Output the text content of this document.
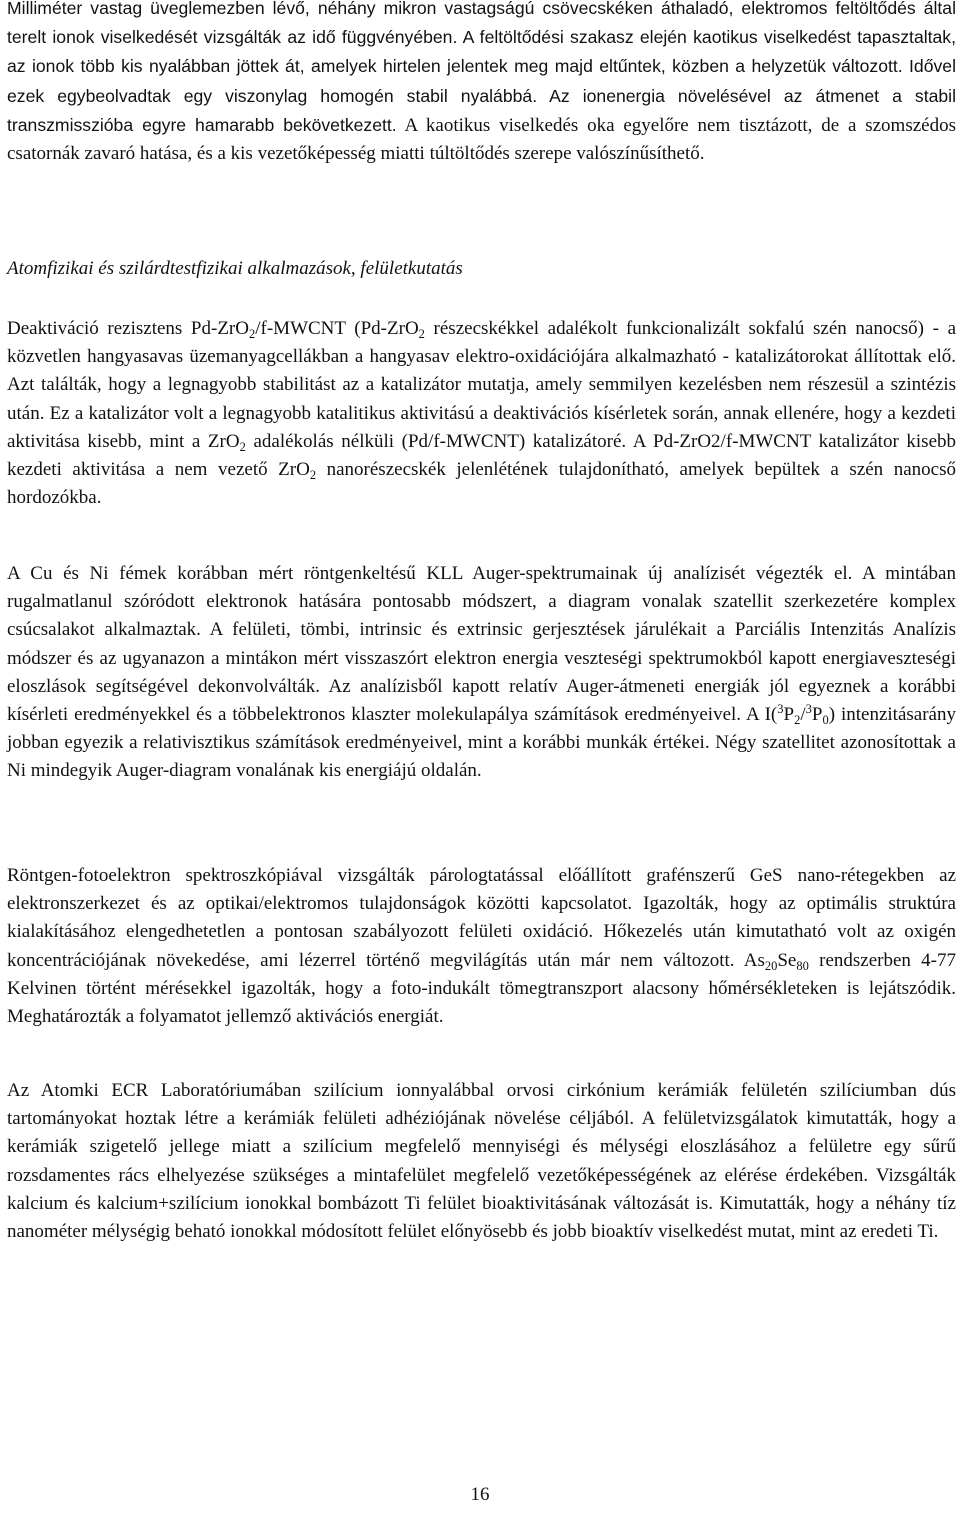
Milliméter vastag üveglemezben lévő, néhány mikron vastagságú csövecskéken áthaladó, elektromos feltöltődés által terelt ionok viselkedését vizsgálták az idő függvényében. A feltöltődési szakasz elején kaotikus viselkedést tapasztaltak, az ionok több kis nyalábban jöttek át, amelyek hirtelen jelentek meg majd eltűntek, közben a helyzetük változott. Idővel ezek egybeolvadtak egy viszonylag homogén stabil nyalábbá. Az ionenergia növelésével az átmenet a stabil transzmisszióba egyre hamarabb bekövetkezett. A kaotikus viselkedés oka egyelőre nem tisztázott, de a szomszédos csatornák zavaró hatása, és a kis vezetőképesség miatti túltöltődés szerepe valószínűsíthető.

Atomfizikai és szilárdtestfizikai alkalmazások, felületkutatás

Deaktiváció rezisztens Pd-ZrO$_2$/f-MWCNT (Pd-ZrO$_2$ részecskékkel adalékolt funkcionalizált sokfalú szén nanocső) - a közvetlen hangyasavas üzemanyagcellákban a hangyasav elektro-oxidációjára alkalmazható - katalizátorokat állítottak elő. Azt találták, hogy a legnagyobb stabilitást az a katalizátor mutatja, amely semmilyen kezelésben nem részesül a szintézis után. Ez a katalizátor volt a legnagyobb katalitikus aktivitású a deaktivációs kísérletek során, annak ellenére, hogy a kezdeti aktivitása kisebb, mint a ZrO$_2$ adalékolás nélküli (Pd/f-MWCNT) katalizátoré. A Pd-ZrO2/f-MWCNT katalizátor kisebb kezdeti aktivitása a nem vezető ZrO$_2$ nanorészecskék jelenlétének tulajdonítható, amelyek bepültek a szén nanocső hordozókba.

A Cu és Ni fémek korábban mért röntgenkeltésű KLL Auger-spektrumainak új analízisét végezték el. A mintában rugalmatlanul szóródott elektronok hatására pontosabb módszert, a diagram vonalak szatellit szerkezetére komplex csúcsalakot alkalmaztak. A felületi, tömbi, intrinsic és extrinsic gerjesztések járulékait a Parciális Intenzitás Analízis módszer és az ugyanazon a mintákon mért visszaszórt elektron energia veszteségi spektrumokból kapott energiaveszteségi eloszlások segítségével dekonvolválták. Az analízisből kapott relatív Auger-átmeneti energiák jól egyeznek a korábbi kísérleti eredményekkel és a többelektronos klaszter molekulapálya számítások eredményeivel. A $I(^3P_2/^3P_0)$ intenzitásarány jobban egyezik a relativisztikus számítások eredményeivel, mint a korábbi munkák értékei. Négy szatellitet azonosítottak a Ni mindegyik Auger-diagram vonalának kis energiájú oldalán.

Röntgen-fotoelektron spektroszkópiával vizsgálták párologtatással előállított grafénszerű GeS nano-rétegekben az elektronszerkezet és az optikai/elektromos tulajdonságok közötti kapcsolatot. Igazolták, hogy az optimális struktúra kialakításához elengedhetetlen a pontosan szabályozott felületi oxidáció. Hőkezelés után kimutatható volt az oxigén koncentrációjának növekedése, ami lézerrel történő megvilágítás után már nem változott. $As_{20}Se_{80}$ rendszerben 4-77 Kelvinen történt mérésekkel igazolták, hogy a foto-indukált tömegtranszport alacsony hőmérsékleteken is lejátszódik. Meghatározták a folyamatot jellemző aktivációs energiát.

Az Atomki ECR Laboratóriumában szilícium ionnyalábbal orvosi cirkónium kerámiák felületén szilíciumban dús tartományokat hoztak létre a kerámiák felületi adhéziójának növelése céljából. A felületvizsgálatok kimutatták, hogy a kerámiák szigetelő jellege miatt a szilícium megfelelő mennyiségi és mélységi eloszlásához a felületre egy sűrű rozsdamentes rács elhelyezése szükséges a mintafelület megfelelő vezetőképességének az elérése érdekében. Vizsgálták kalcium és kalcium+szilícium ionokkal bombázott Ti felület bioaktivitásának változását is. Kimutatták, hogy a néhány tíz nanométer mélységig beható ionokkal módosított felület előnyösebb és jobb bioaktív viselkedést mutat, mint az eredeti Ti.

16
